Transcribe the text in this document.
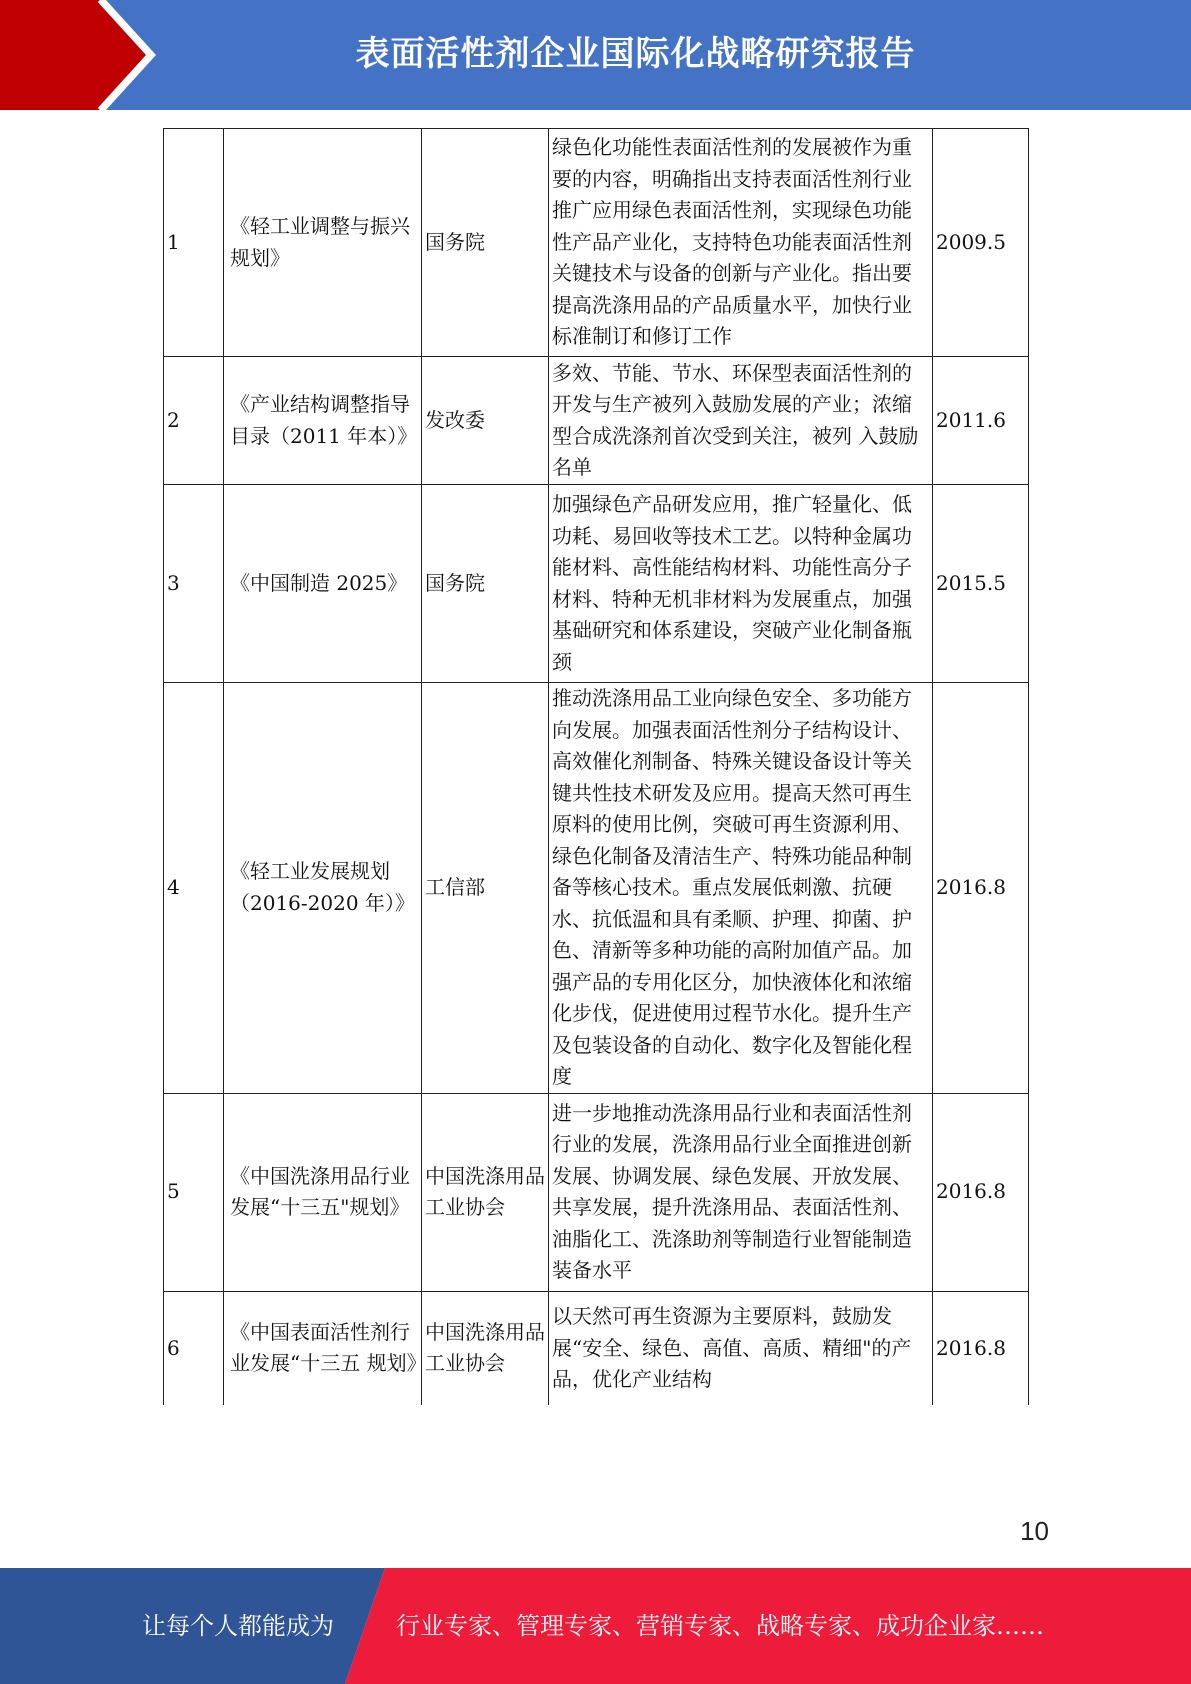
表面活性剂企业国际化战略研究报告
1	《轻工业调整与振兴规划》	国务院	绿色化功能性表面活性剂的发展被作为重要的内容，明确指出支持表面活性剂行业推广应用绿色表面活性剂，实现绿色功能性产品产业化，支持特色功能表面活性剂关键技术与设备的创新与产业化。指出要提高洗涤用品的产品质量水平，加快行业标准制订和修订工作	2009.5
2	《产业结构调整指导目录（2011 年本）》	发改委	多效、节能、节水、环保型表面活性剂的开发与生产被列入鼓励发展的产业；浓缩型合成洗涤剂首次受到关注，被列 入鼓励名单	2011.6
3	《中国制造 2025》	国务院	加强绿色产品研发应用，推广轻量化、低功耗、易回收等技术工艺。以特种金属功能材料、高性能结构材料、功能性高分子材料、特种无机非材料为发展重点，加强基础研究和体系建设，突破产业化制备瓶颈	2015.5
4	《轻工业发展规划（2016-2020 年）》	工信部	推动洗涤用品工业向绿色安全、多功能方向发展。加强表面活性剂分子结构设计、高效催化剂制备、特殊关键设备设计等关键共性技术研发及应用。提高天然可再生原料的使用比例，突破可再生资源利用、绿色化制备及清洁生产、特殊功能品种制备等核心技术。重点发展低刺激、抗硬水、抗低温和具有柔顺、护理、抑菌、护色、清新等多种功能的高附加值产品。加强产品的专用化区分，加快液体化和浓缩化步伐，促进使用过程节水化。提升生产及包装设备的自动化、数字化及智能化程度	2016.8
5	《中国洗涤用品行业发展“十三五"规划》	中国洗涤用品工业协会	进一步地推动洗涤用品行业和表面活性剂行业的发展，洗涤用品行业全面推进创新发展、协调发展、绿色发展、开放发展、共享发展，提升洗涤用品、表面活性剂、油脂化工、洗涤助剂等制造行业智能制造装备水平	2016.8
6	《中国表面活性剂行业发展“十三五 规划》	中国洗涤用品工业协会	以天然可再生资源为主要原料，鼓励发展“安全、绿色、高值、高质、精细"的产品，优化产业结构	2016.8
10
让每个人都能成为	行业专家、管理专家、营销专家、战略专家、成功企业家……
